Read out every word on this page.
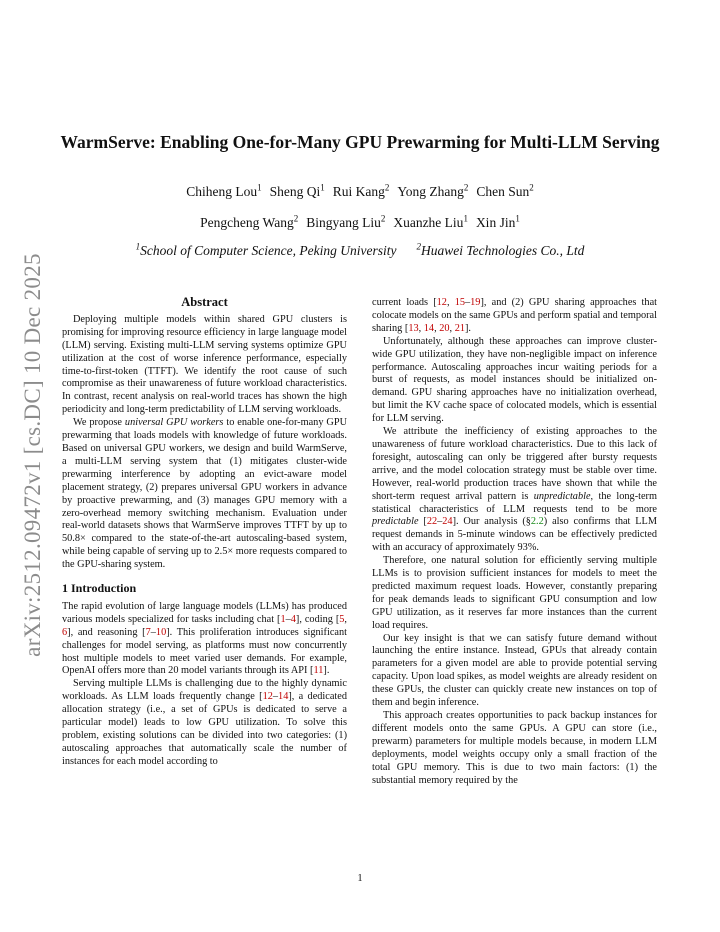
arXiv:2512.09472v1 [cs.DC] 10 Dec 2025
WarmServe: Enabling One-for-Many GPU Prewarming for Multi-LLM Serving
Chiheng Lou$^1$ Sheng Qi$^1$ Rui Kang$^2$ Yong Zhang$^2$ Chen Sun$^2$
Pengcheng Wang$^2$ Bingyang Liu$^2$ Xuanzhe Liu$^1$ Xin Jin$^1$
$^1$School of Computer Science, Peking University $^2$Huawei Technologies Co., Ltd
Abstract

Deploying multiple models within shared GPU clusters is promising for improving resource efficiency in large language model (LLM) serving. Existing multi-LLM serving systems optimize GPU utilization at the cost of worse inference performance, especially time-to-first-token (TTFT). We identify the root cause of such compromise as their unawareness of future workload characteristics. In contrast, recent analysis on real-world traces has shown the high periodicity and long-term predictability of LLM serving workloads.

We propose universal GPU workers to enable one-for-many GPU prewarming that loads models with knowledge of future workloads. Based on universal GPU workers, we design and build WarmServe, a multi-LLM serving system that (1) mitigates cluster-wide prewarming interference by adopting an evict-aware model placement strategy, (2) prepares universal GPU workers in advance by proactive prewarming, and (3) manages GPU memory with a zero-overhead memory switching mechanism. Evaluation under real-world datasets shows that WarmServe improves TTFT by up to 50.8× compared to the state-of-the-art autoscaling-based system, while being capable of serving up to 2.5× more requests compared to the GPU-sharing system.

1 Introduction

The rapid evolution of large language models (LLMs) has produced various models specialized for tasks including chat [1–4], coding [5, 6], and reasoning [7–10]. This proliferation introduces significant challenges for model serving, as platforms must now concurrently host multiple models to meet varied user demands. For example, OpenAI offers more than 20 model variants through its API [11].

Serving multiple LLMs is challenging due to the highly dynamic workloads. As LLM loads frequently change [12–14], a dedicated allocation strategy (i.e., a set of GPUs is dedicated to serve a particular model) leads to low GPU utilization. To solve this problem, existing solutions can be divided into two categories: (1) autoscaling approaches that automatically scale the number of instances for each model according to

current loads [12, 15–19], and (2) GPU sharing approaches that colocate models on the same GPUs and perform spatial and temporal sharing [13, 14, 20, 21].

Unfortunately, although these approaches can improve cluster-wide GPU utilization, they have non-negligible impact on inference performance. Autoscaling approaches incur waiting periods for a burst of requests, as model instances should be initialized on-demand. GPU sharing approaches have no initialization overhead, but limit the KV cache space of colocated models, which is essential for LLM serving.

We attribute the inefficiency of existing approaches to the unawareness of future workload characteristics. Due to this lack of foresight, autoscaling can only be triggered after bursty requests arrive, and the model colocation strategy must be stable over time. However, real-world production traces have shown that while the short-term request arrival pattern is unpredictable, the long-term statistical characteristics of LLM requests tend to be more predictable [22–24]. Our analysis (§2.2) also confirms that LLM request demands in 5-minute windows can be effectively predicted with an accuracy of approximately 93%.

Therefore, one natural solution for efficiently serving multiple LLMs is to provision sufficient instances for models to meet the predicted maximum request loads. However, constantly preparing for peak demands leads to significant GPU consumption and low GPU utilization, as it reserves far more instances than the current load requires.

Our key insight is that we can satisfy future demand without launching the entire instance. Instead, GPUs that already contain parameters for a given model are able to provide potential serving capacity. Upon load spikes, as model weights are already resident on these GPUs, the cluster can quickly create new instances on top of them and begin inference.

This approach creates opportunities to pack backup instances for different models onto the same GPUs. A GPU can store (i.e., prewarm) parameters for multiple models because, in modern LLM deployments, model weights occupy only a small fraction of the total GPU memory. This is due to two main factors: (1) the substantial memory required by the

1
